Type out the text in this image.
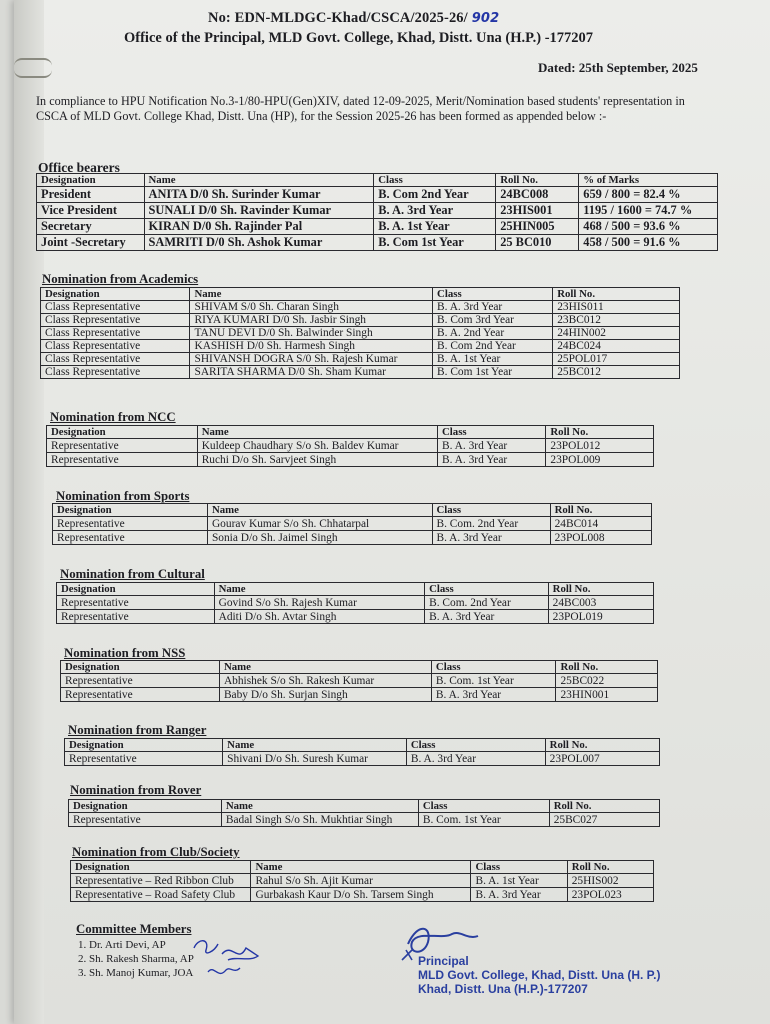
No: EDN-MLDGC-Khad/CSCA/2025-26/ 902
Office of the Principal, MLD Govt. College, Khad, Distt. Una (H.P.) -177207
Dated: 25th September, 2025
In compliance to HPU Notification No.3-1/80-HPU(Gen)XIV, dated 12-09-2025, Merit/Nomination based students' representation in CSCA of MLD Govt. College Khad, Distt. Una (HP), for the Session 2025-26 has been formed as appended below :-
Office bearers
Nomination from Academics
Nomination from NCC
Nomination from Sports
Nomination from Cultural
Nomination from NSS
Nomination from Ranger
Nomination from Rover
Nomination from Club/Society
Committee Members
Designation	Name	Class	Roll No.	% of Marks
President	ANITA D/0 Sh. Surinder Kumar	B. Com 2nd Year	24BC008	659 / 800 = 82.4 %
Vice President	SUNALI D/0 Sh. Ravinder Kumar	B. A. 3rd Year	23HIS001	1195 / 1600 = 74.7 %
Secretary	KIRAN D/0 Sh. Rajinder Pal	B. A. 1st Year	25HIN005	468 / 500 = 93.6 %
Joint -Secretary	SAMRITI D/0 Sh. Ashok Kumar	B. Com 1st Year	25 BC010	458 / 500 = 91.6 %
Designation	Name	Class	Roll No.
Class Representative	SHIVAM S/0 Sh. Charan Singh	B. A. 3rd Year	23HIS011
Class Representative	RIYA KUMARI D/0 Sh. Jasbir Singh	B. Com 3rd Year	23BC012
Class Representative	TANU DEVI D/0 Sh. Balwinder Singh	B. A. 2nd Year	24HIN002
Class Representative	KASHISH D/0 Sh. Harmesh Singh	B. Com 2nd Year	24BC024
Class Representative	SHIVANSH DOGRA S/0 Sh. Rajesh Kumar	B. A. 1st Year	25POL017
Class Representative	SARITA SHARMA D/0 Sh. Sham Kumar	B. Com 1st Year	25BC012
Designation	Name	Class	Roll No.
Representative	Kuldeep Chaudhary S/o Sh. Baldev Kumar	B. A. 3rd Year	23POL012
Representative	Ruchi D/o Sh. Sarvjeet Singh	B. A. 3rd Year	23POL009
Designation	Name	Class	Roll No.
Representative	Gourav Kumar S/o Sh. Chhatarpal	B. Com. 2nd Year	24BC014
Representative	Sonia D/o Sh. Jaimel Singh	B. A. 3rd Year	23POL008
Designation	Name	Class	Roll No.
Representative	Govind S/o Sh. Rajesh Kumar	B. Com. 2nd Year	24BC003
Representative	Aditi D/o Sh. Avtar Singh	B. A. 3rd Year	23POL019
Designation	Name	Class	Roll No.
Representative	Abhishek S/o Sh. Rakesh Kumar	B. Com. 1st Year	25BC022
Representative	Baby D/o Sh. Surjan Singh	B. A. 3rd Year	23HIN001
Designation	Name	Class	Roll No.
Representative	Shivani D/o Sh. Suresh Kumar	B. A. 3rd Year	23POL007
Designation	Name	Class	Roll No.
Representative	Badal Singh S/o Sh. Mukhtiar Singh	B. Com. 1st Year	25BC027
Designation	Name	Class	Roll No.
Representative – Red Ribbon Club	Rahul S/o Sh. Ajit Kumar	B. A. 1st Year	25HIS002
Representative – Road Safety Club	Gurbakash Kaur D/o Sh. Tarsem Singh	B. A. 3rd Year	23POL023
1. Dr. Arti Devi, AP
2. Sh. Rakesh Sharma, AP
3. Sh. Manoj Kumar, JOA
Principal
MLD Govt. College, Khad, Distt. Una (H. P.)
Khad, Distt. Una (H.P.)-177207
